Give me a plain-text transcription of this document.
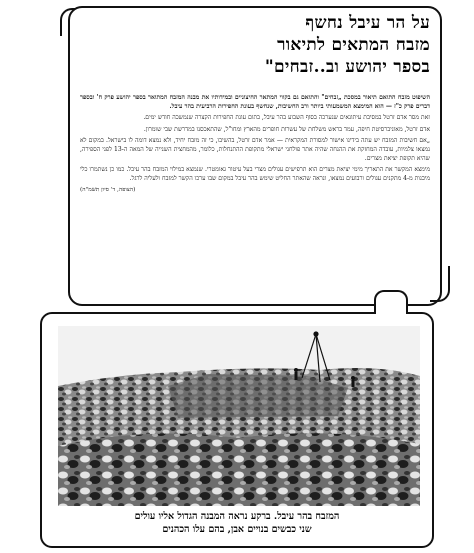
על הר עיבל נחשף
מזבח המתאים לתיאור
בספר יהושע וב..זבחים"

השיפוט מזבח התואם תיאור במסכת „זבחים" והתואם גם בקווי המתאר החיצוניים ובמידותיו את מבנה המזבח המתואר בספר יהושע פרק ח' ובספר דברים פרק כ"ז — הוא המימצא המשמעותי ביותר ורב החשיבות, שנחשף בעונת החפירות הרביעית בהר עיבל.

זאת מסר אדם זרטל במסיבת עיתונאים שנערכה בסוף השבוע בהר עיבל, בתום עונת החפירות הקצרה שנמשכה חודש ימים.

אדם זרטל, מאוניברסיטת חיפה, עמד בראש משלחת של עשרות חופרים מהארץ ומחו"ל, שהתאכסנו במדרשת שבי שומרון.

„אם חשיבות המזבח יש עתה בידינו אישור למסורת המקראית — אמר אדם זרטל, בהשיבו, כי זה מזבח יחיד, ולא נמצא דומה לו בישראל. במקום לא נמצאו צלמיות, עובדה המחזקת את ההנחה שהיה אתר פולחני ישראלי מתקופת ההתנחלות, כלומר, מהמחצית השנייה של המאה ה-13 לפני הספירה, שהיא תקופת יציאת מצרים.

מימצא המקשר את התאריך מימי יציאת מצרים הוא תרפישים עגולים מצרי בעל עיטור גאומטרי. שנמצא במילוי המזבח בהר עיבל. כמו כן נשתמרו כלי מיבנות מ-4 מתקנים עגולים ורבועים נמצאו, ונראה שהאתר החליט שימש בהר עיבל במקום שבו ערכו הקשר למזבח ולעליה לרגל.

(הצופה, ד' סיון תשמ"ה)
המזבח בהר עיבל. ברקע נראה המבנה הגדול אליו עולים
שני כבשים בנויים אבן, בהם עלו הכהנים
